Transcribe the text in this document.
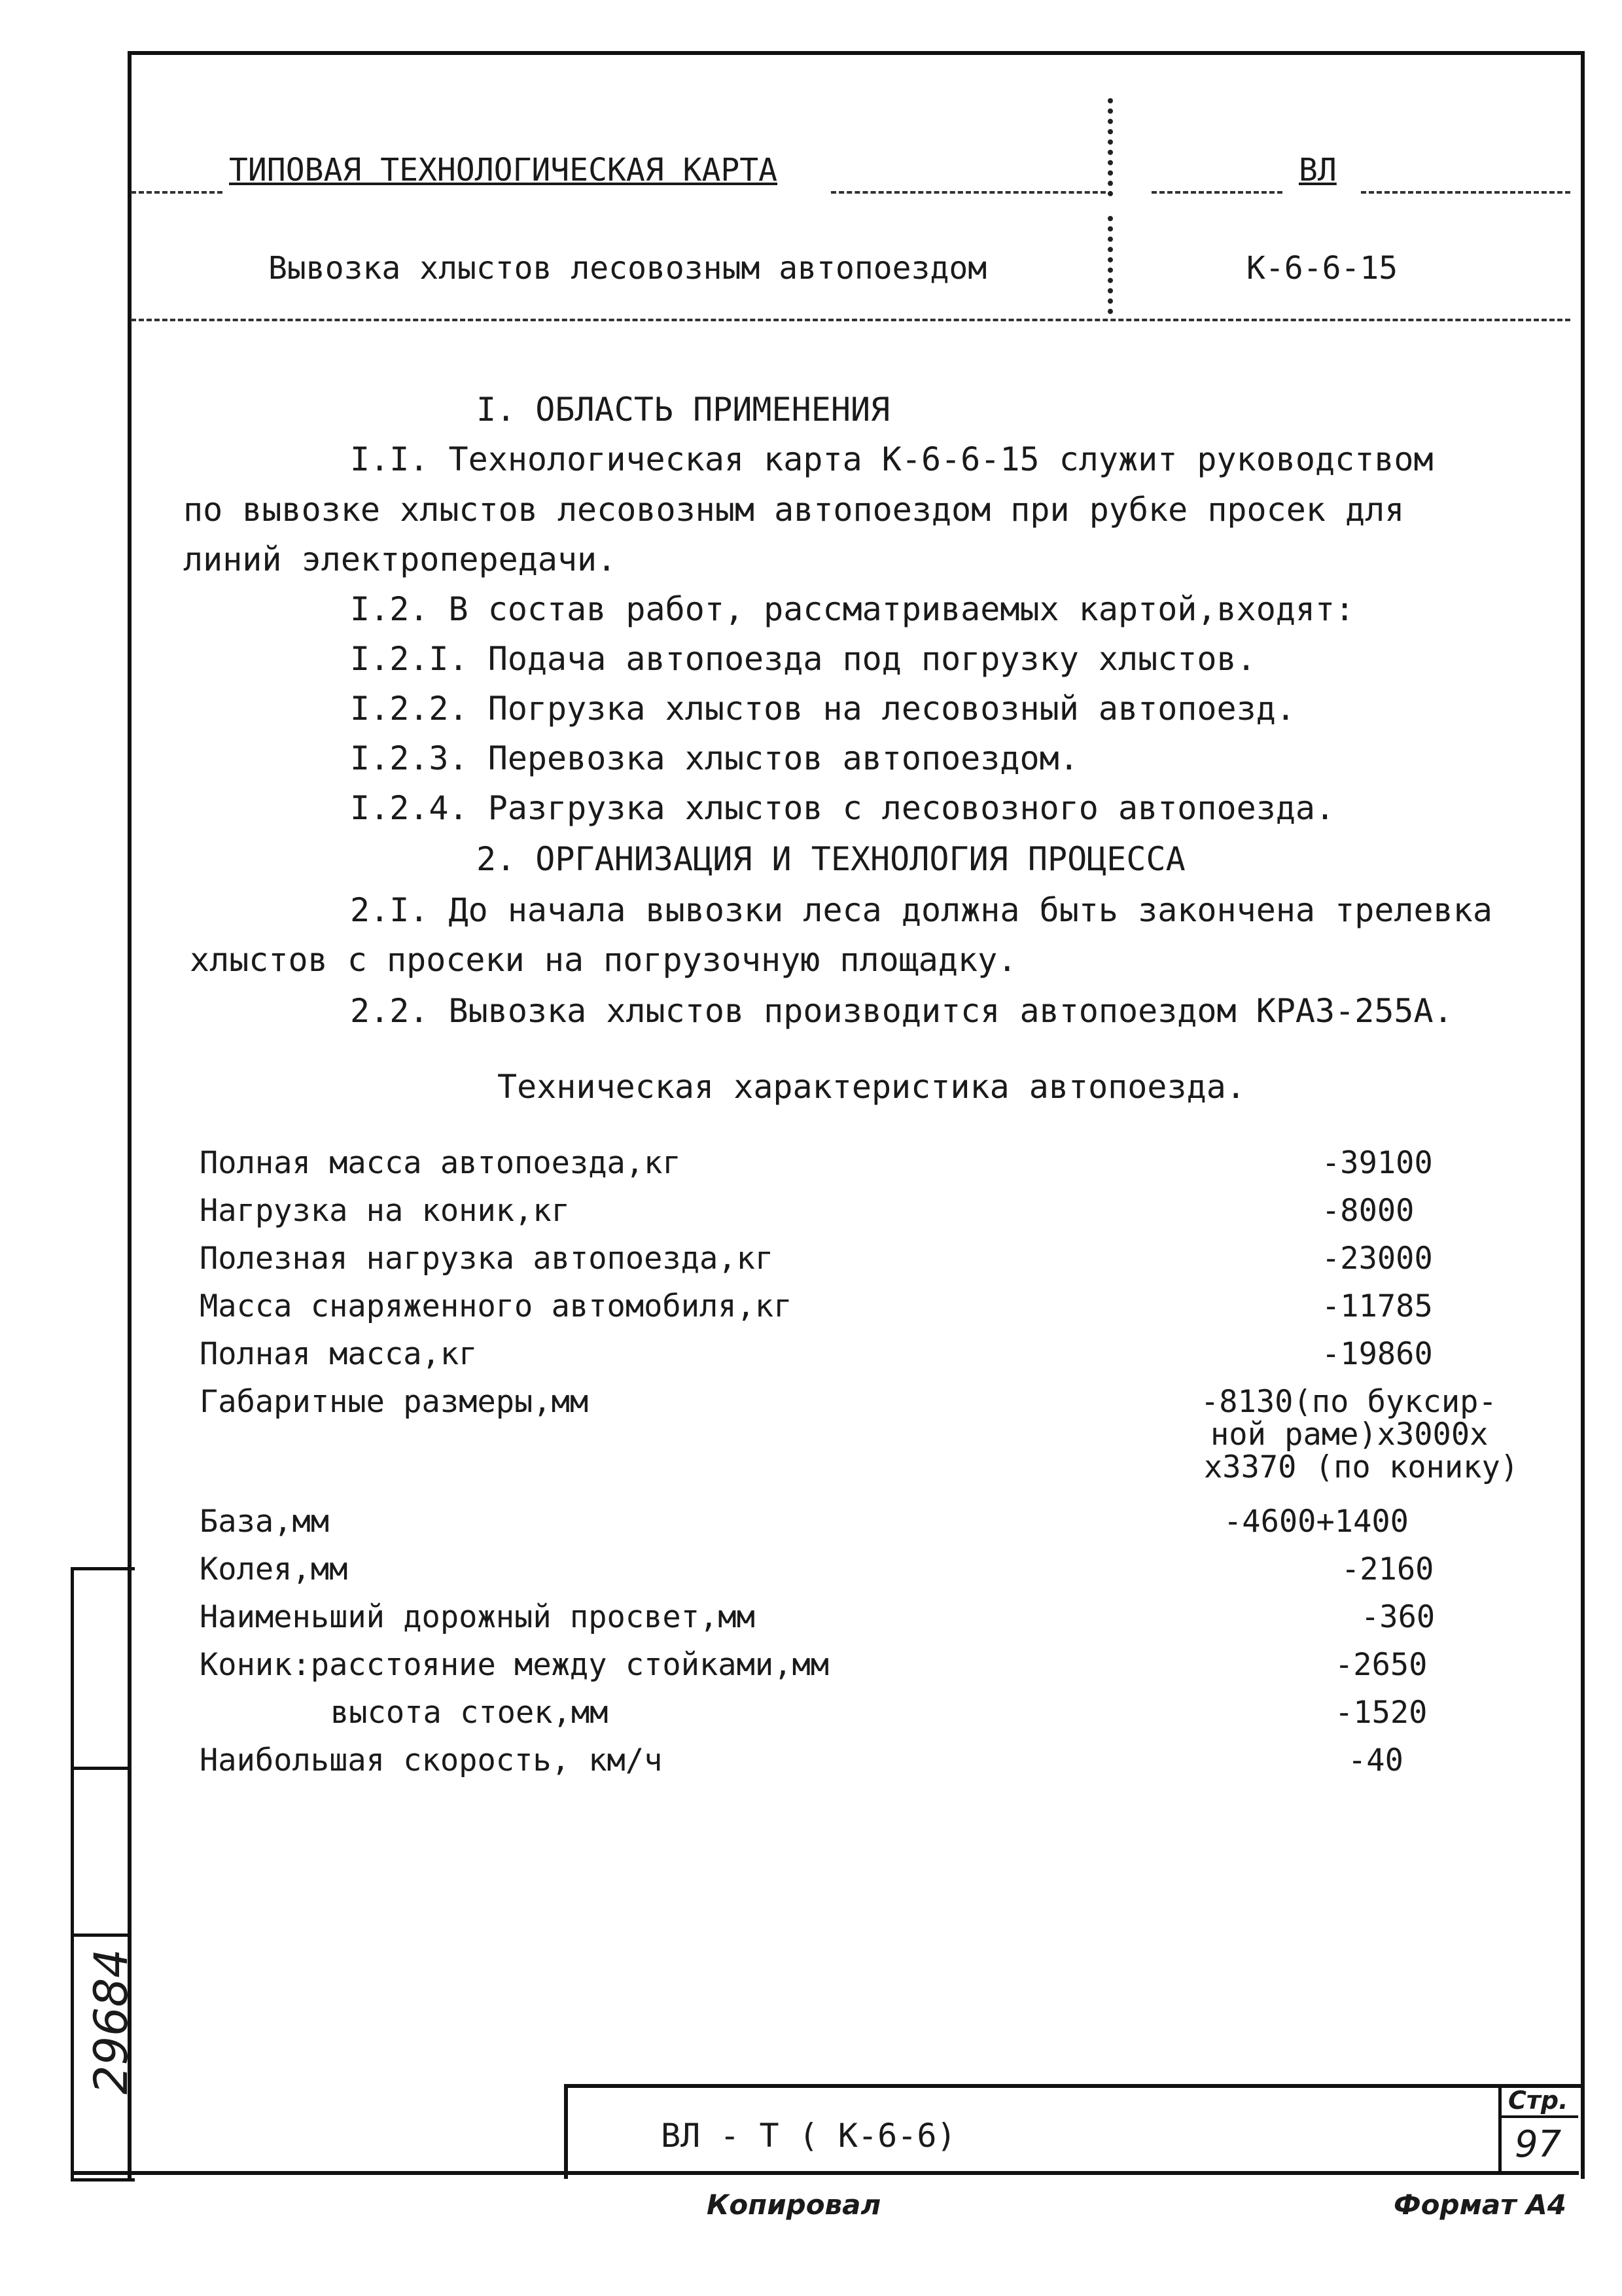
29684
ТИПОВАЯ ТЕХНОЛОГИЧЕСКАЯ КАРТА	ВЛ
Вывозка хлыстов лесовозным автопоездом	К-6-6-15
I. ОБЛАСТЬ ПРИМЕНЕНИЯ
I.I. Технологическая карта К-6-6-15 служит руководством
по вывозке хлыстов лесовозным автопоездом при рубке просек для
линий электропередачи.
I.2. В состав работ, рассматриваемых картой,входят:
I.2.I. Подача автопоезда под погрузку хлыстов.
I.2.2. Погрузка хлыстов на лесовозный автопоезд.
I.2.3. Перевозка хлыстов автопоездом.
I.2.4. Разгрузка хлыстов с лесовозного автопоезда.
2. ОРГАНИЗАЦИЯ И ТЕХНОЛОГИЯ ПРОЦЕССА
2.I. До начала вывозки леса должна быть закончена трелевка
хлыстов с просеки на погрузочную площадку.
2.2. Вывозка хлыстов производится автопоездом КРАЗ-255А.
Техническая характеристика автопоезда.
Полная масса автопоезда,кг	-39100
Нагрузка на коник,кг	-8000
Полезная нагрузка автопоезда,кг	-23000
Масса снаряженного автомобиля,кг	-11785
Полная масса,кг	-19860
Габаритные размеры,мм	-8130(по буксир-
ной раме)х3000х
х3370 (по конику)
База,мм	-4600+1400
Колея,мм	-2160
Наименьший дорожный просвет,мм	-360
Коник:расстояние между стойками,мм	-2650
высота стоек,мм	-1520
Наибольшая скорость, км/ч	-40
ВЛ - Т ( К-6-6)
Стр.
97
Копировал	Формат А4
